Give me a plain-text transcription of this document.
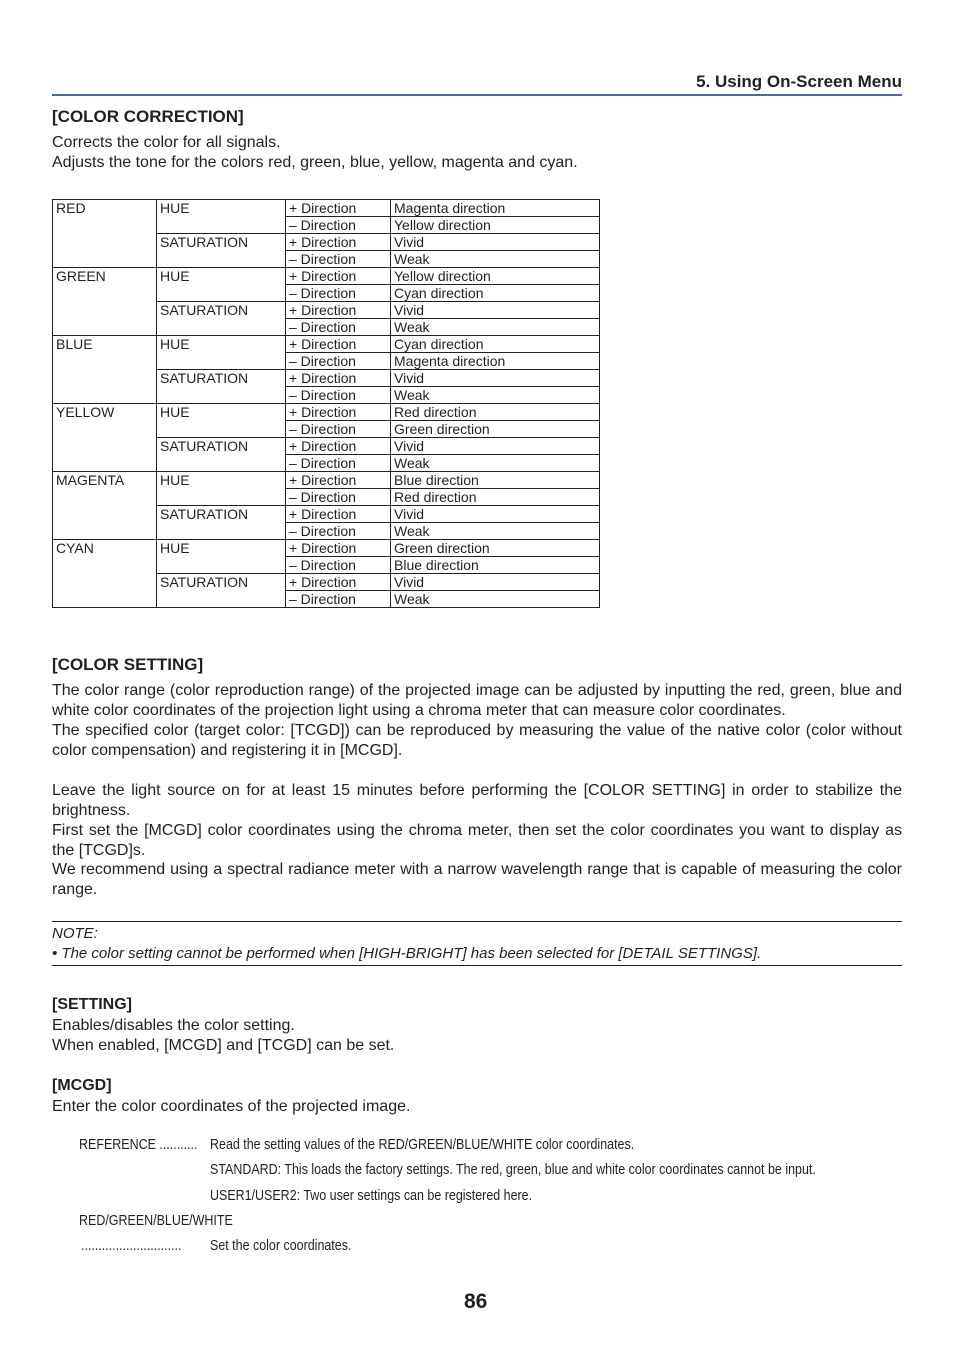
5. Using On-Screen Menu
[COLOR CORRECTION]
Corrects the color for all signals.
Adjusts the tone for the colors red, green, blue, yellow, magenta and cyan.
RED	HUE	+ Direction	Magenta direction
		– Direction	Yellow direction
	SATURATION	+ Direction	Vivid
		– Direction	Weak
GREEN	HUE	+ Direction	Yellow direction
		– Direction	Cyan direction
	SATURATION	+ Direction	Vivid
		– Direction	Weak
BLUE	HUE	+ Direction	Cyan direction
		– Direction	Magenta direction
	SATURATION	+ Direction	Vivid
		– Direction	Weak
YELLOW	HUE	+ Direction	Red direction
		– Direction	Green direction
	SATURATION	+ Direction	Vivid
		– Direction	Weak
MAGENTA	HUE	+ Direction	Blue direction
		– Direction	Red direction
	SATURATION	+ Direction	Vivid
		– Direction	Weak
CYAN	HUE	+ Direction	Green direction
		– Direction	Blue direction
	SATURATION	+ Direction	Vivid
		– Direction	Weak
[COLOR SETTING]
The color range (color reproduction range) of the projected image can be adjusted by inputting the red, green, blue and white color coordinates of the projection light using a chroma meter that can measure color coordinates.
The specified color (target color: [TCGD]) can be reproduced by measuring the value of the native color (color without color compensation) and registering it in [MCGD].
Leave the light source on for at least 15 minutes before performing the [COLOR SETTING] in order to stabilize the brightness.
First set the [MCGD] color coordinates using the chroma meter, then set the color coordinates you want to display as the [TCGD]s.
We recommend using a spectral radiance meter with a narrow wavelength range that is capable of measuring the color range.
NOTE:
• The color setting cannot be performed when [HIGH-BRIGHT] has been selected for [DETAIL SETTINGS].
[SETTING]
Enables/disables the color setting.
When enabled, [MCGD] and [TCGD] can be set.
[MCGD]
Enter the color coordinates of the projected image.
REFERENCE ........... Read the setting values of the RED/GREEN/BLUE/WHITE color coordinates.
STANDARD: This loads the factory settings. The red, green, blue and white color coordinates cannot be input.
USER1/USER2: Two user settings can be registered here.
RED/GREEN/BLUE/WHITE
............................. Set the color coordinates.
86
